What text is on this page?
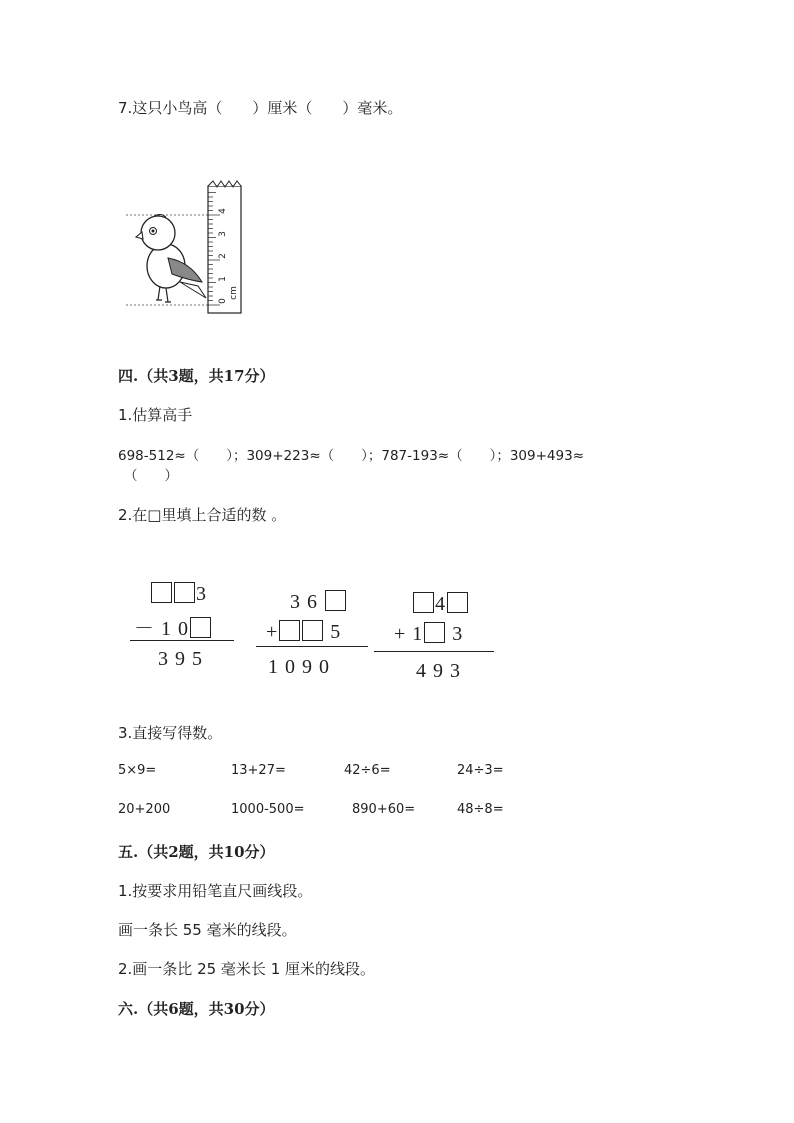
7.这只小鸟高（　　）厘米（　　）毫米。
0
1
2
3
4
cm
四.（共3题，共17分）
1.估算高手
698-512≈（　　）；309+223≈（　　）；787-193≈（　　）；309+493≈
（　　）
2.在□里填上合适的数 。
3
－ 1 0
3 9 5
3 6
+	5
1 0 9 0
4
+ 1 3
4 9 3
3.直接写得数。
5×9=	13+27=	42÷6=	24÷3=
20+200	1000-500=	890+60=	48÷8=
五.（共2题，共10分）
1.按要求用铅笔直尺画线段。
画一条长 55 毫米的线段。
2.画一条比 25 毫米长 1 厘米的线段。
六.（共6题，共30分）
